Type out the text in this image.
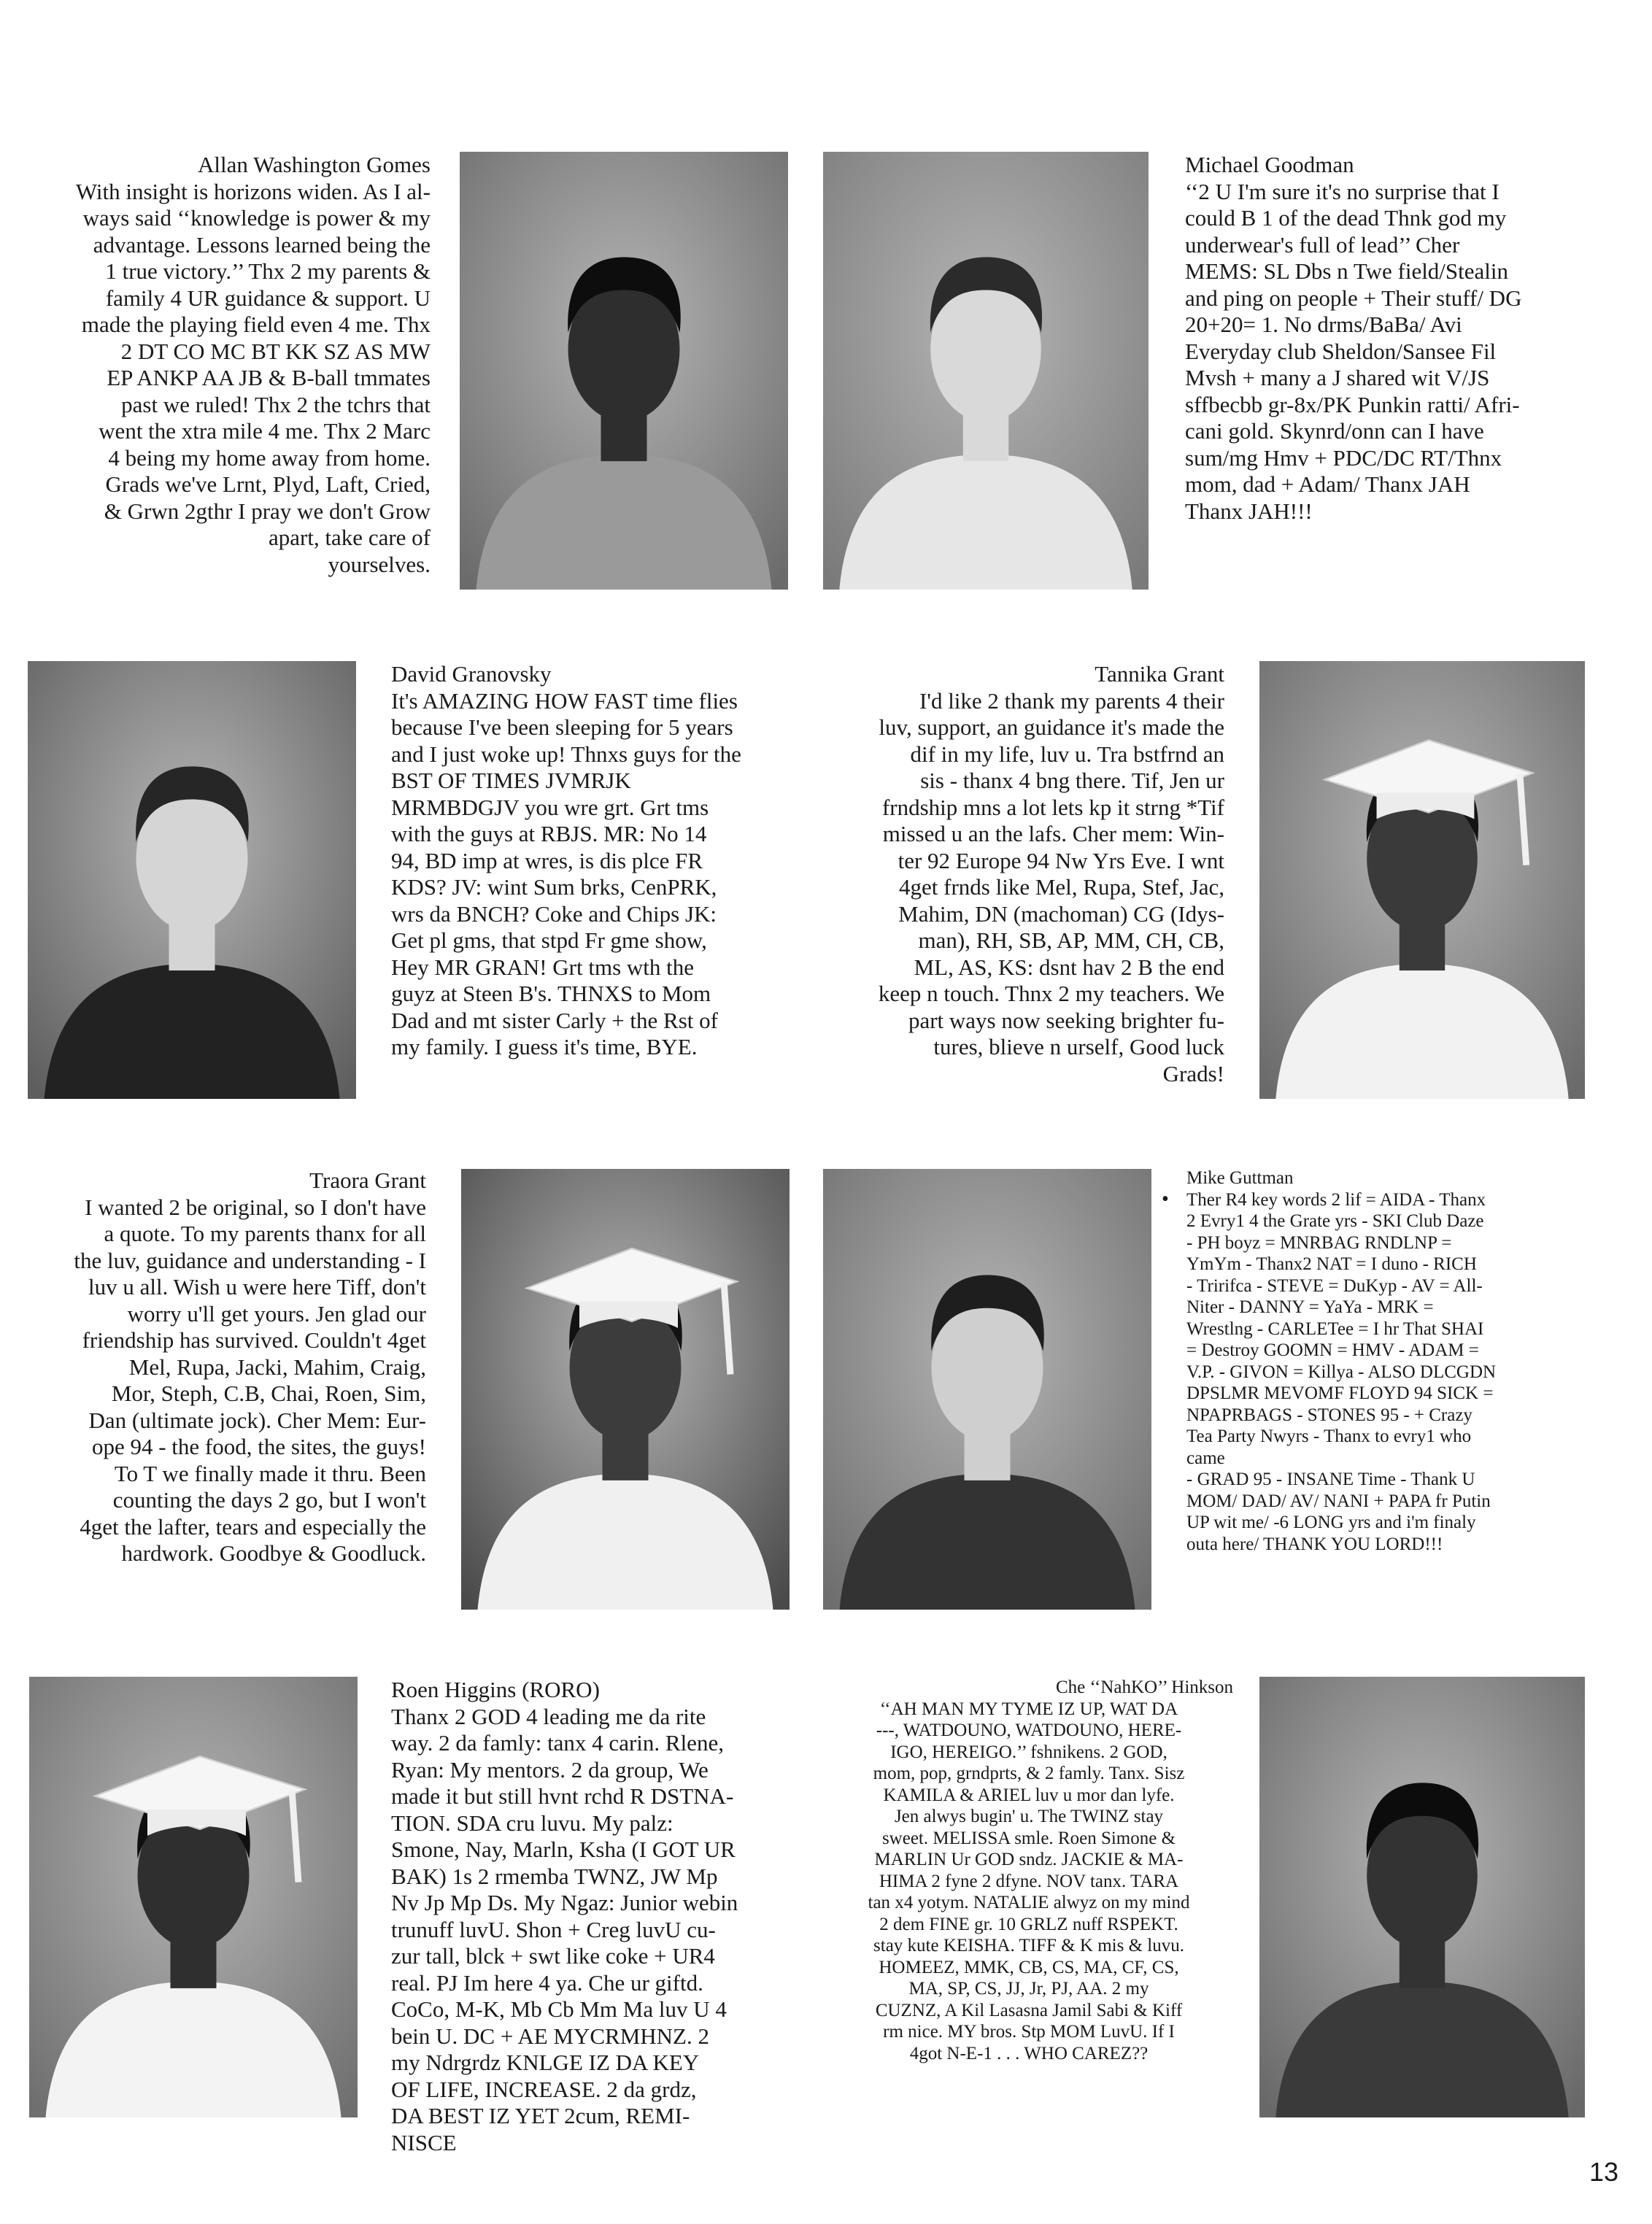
Allan Washington Gomes
With insight is horizons widen. As I al-
ways said ‘‘knowledge is power & my
advantage. Lessons learned being the
1 true victory.’’ Thx 2 my parents &
family 4 UR guidance & support. U
made the playing field even 4 me. Thx
2 DT CO MC BT KK SZ AS MW
EP ANKP AA JB & B-ball tmmates
past we ruled! Thx 2 the tchrs that
went the xtra mile 4 me. Thx 2 Marc
4 being my home away from home.
Grads we've Lrnt, Plyd, Laft, Cried,
& Grwn 2gthr I pray we don't Grow
apart, take care of
yourselves.
Michael Goodman
‘‘2 U I'm sure it's no surprise that I
could B 1 of the dead Thnk god my
underwear's full of lead’’ Cher
MEMS: SL Dbs n Twe field/Stealin
and ping on people + Their stuff/ DG
20+20= 1. No drms/BaBa/ Avi
Everyday club Sheldon/Sansee Fil
Mvsh + many a J shared wit V/JS
sffbecbb gr-8x/PK Punkin ratti/ Afri-
cani gold. Skynrd/onn can I have
sum/mg Hmv + PDC/DC RT/Thnx
mom, dad + Adam/ Thanx JAH
Thanx JAH!!!
David Granovsky
It's AMAZING HOW FAST time flies
because I've been sleeping for 5 years
and I just woke up! Thnxs guys for the
BST OF TIMES JVMRJK
MRMBDGJV you wre grt. Grt tms
with the guys at RBJS. MR: No 14
94, BD imp at wres, is dis plce FR
KDS? JV: wint Sum brks, CenPRK,
wrs da BNCH? Coke and Chips JK:
Get pl gms, that stpd Fr gme show,
Hey MR GRAN! Grt tms wth the
guyz at Steen B's. THNXS to Mom
Dad and mt sister Carly + the Rst of
my family. I guess it's time, BYE.
Tannika Grant
I'd like 2 thank my parents 4 their
luv, support, an guidance it's made the
dif in my life, luv u. Tra bstfrnd an
sis - thanx 4 bng there. Tif, Jen ur
frndship mns a lot lets kp it strng *Tif
missed u an the lafs. Cher mem: Win-
ter 92 Europe 94 Nw Yrs Eve. I wnt
4get frnds like Mel, Rupa, Stef, Jac,
Mahim, DN (machoman) CG (Idys-
man), RH, SB, AP, MM, CH, CB,
ML, AS, KS: dsnt hav 2 B the end
keep n touch. Thnx 2 my teachers. We
part ways now seeking brighter fu-
tures, blieve n urself, Good luck
Grads!
Traora Grant
I wanted 2 be original, so I don't have
a quote. To my parents thanx for all
the luv, guidance and understanding - I
luv u all. Wish u were here Tiff, don't
worry u'll get yours. Jen glad our
friendship has survived. Couldn't 4get
Mel, Rupa, Jacki, Mahim, Craig,
Mor, Steph, C.B, Chai, Roen, Sim,
Dan (ultimate jock). Cher Mem: Eur-
ope 94 - the food, the sites, the guys!
To T we finally made it thru. Been
counting the days 2 go, but I won't
4get the lafter, tears and especially the
hardwork. Goodbye & Goodluck.
•
Mike Guttman
Ther R4 key words 2 lif = AIDA - Thanx
2 Evry1 4 the Grate yrs - SKI Club Daze
- PH boyz = MNRBAG RNDLNP =
YmYm - Thanx2 NAT = I duno - RICH
- Tririfca - STEVE = DuKyp - AV = All-
Niter - DANNY = YaYa - MRK =
Wrestlng - CARLETee = I hr That SHAI
= Destroy GOOMN = HMV - ADAM =
V.P. - GIVON = Killya - ALSO DLCGDN
DPSLMR MEVOMF FLOYD 94 SICK =
NPAPRBAGS - STONES 95 - + Crazy
Tea Party Nwyrs - Thanx to evry1 who
came
- GRAD 95 - INSANE Time - Thank U
MOM/ DAD/ AV/ NANI + PAPA fr Putin
UP wit me/ -6 LONG yrs and i'm finaly
outa here/ THANK YOU LORD!!!
Roen Higgins (RORO)
Thanx 2 GOD 4 leading me da rite
way. 2 da famly: tanx 4 carin. Rlene,
Ryan: My mentors. 2 da group, We
made it but still hvnt rchd R DSTNA-
TION. SDA cru luvu. My palz:
Smone, Nay, Marln, Ksha (I GOT UR
BAK) 1s 2 rmemba TWNZ, JW Mp
Nv Jp Mp Ds. My Ngaz: Junior webin
trunuff luvU. Shon + Creg luvU cu-
zur tall, blck + swt like coke + UR4
real. PJ Im here 4 ya. Che ur giftd.
CoCo, M-K, Mb Cb Mm Ma luv U 4
bein U. DC + AE MYCRMHNZ. 2
my Ndrgrdz KNLGE IZ DA KEY
OF LIFE, INCREASE. 2 da grdz,
DA BEST IZ YET 2cum, REMI-
NISCE
Che ‘‘NahKO’’ Hinkson
‘‘AH MAN MY TYME IZ UP, WAT DA
---, WATDOUNO, WATDOUNO, HERE-
IGO, HEREIGO.’’ fshnikens. 2 GOD,
mom, pop, grndprts, & 2 famly. Tanx. Sisz
KAMILA & ARIEL luv u mor dan lyfe.
Jen alwys bugin' u. The TWINZ stay
sweet. MELISSA smle. Roen Simone &
MARLIN Ur GOD sndz. JACKIE & MA-
HIMA 2 fyne 2 dfyne. NOV tanx. TARA
tan x4 yotym. NATALIE alwyz on my mind
2 dem FINE gr. 10 GRLZ nuff RSPEKT.
stay kute KEISHA. TIFF & K mis & luvu.
HOMEEZ, MMK, CB, CS, MA, CF, CS,
MA, SP, CS, JJ, Jr, PJ, AA. 2 my
CUZNZ, A Kil Lasasna Jamil Sabi & Kiff
rm nice. MY bros. Stp MOM LuvU. If I
4got N-E-1 . . . WHO CAREZ??
13
